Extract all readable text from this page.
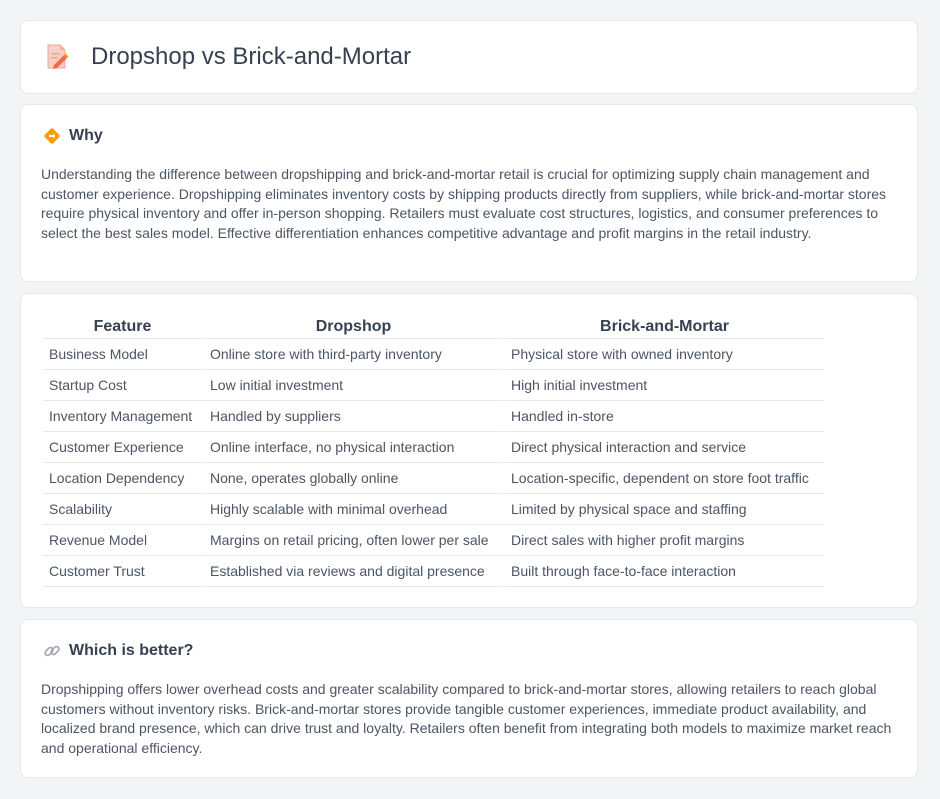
Dropshop vs Brick-and-Mortar
Why
Understanding the difference between dropshipping and brick-and-mortar retail is crucial for optimizing supply chain management and customer experience. Dropshipping eliminates inventory costs by shipping products directly from suppliers, while brick-and-mortar stores require physical inventory and offer in-person shopping. Retailers must evaluate cost structures, logistics, and consumer preferences to select the best sales model. Effective differentiation enhances competitive advantage and profit margins in the retail industry.
Feature	Dropshop	Brick-and-Mortar
Business Model	Online store with third-party inventory	Physical store with owned inventory
Startup Cost	Low initial investment	High initial investment
Inventory Management	Handled by suppliers	Handled in-store
Customer Experience	Online interface, no physical interaction	Direct physical interaction and service
Location Dependency	None, operates globally online	Location-specific, dependent on store foot traffic
Scalability	Highly scalable with minimal overhead	Limited by physical space and staffing
Revenue Model	Margins on retail pricing, often lower per sale	Direct sales with higher profit margins
Customer Trust	Established via reviews and digital presence	Built through face-to-face interaction
Which is better?
Dropshipping offers lower overhead costs and greater scalability compared to brick-and-mortar stores, allowing retailers to reach global customers without inventory risks. Brick-and-mortar stores provide tangible customer experiences, immediate product availability, and localized brand presence, which can drive trust and loyalty. Retailers often benefit from integrating both models to maximize market reach and operational efficiency.
